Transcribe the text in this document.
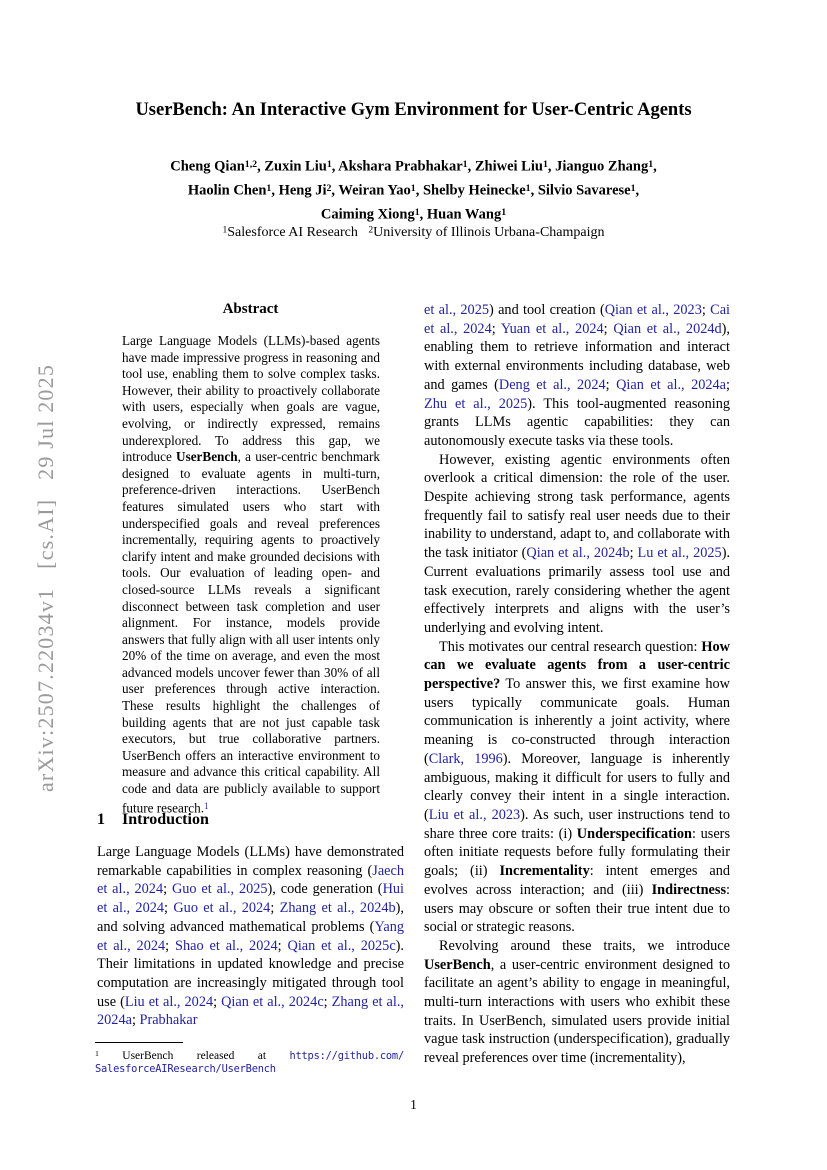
arXiv:2507.22034v1  [cs.AI]  29 Jul 2025
UserBench: An Interactive Gym Environment for User-Centric Agents
Cheng Qian$^{1,2}$, Zuxin Liu$^1$, Akshara Prabhakar$^1$, Zhiwei Liu$^1$, Jianguo Zhang$^1$,
Haolin Chen$^1$, Heng Ji$^2$, Weiran Yao$^1$, Shelby Heinecke$^1$, Silvio Savarese$^1$,
Caiming Xiong$^1$, Huan Wang$^1$
$^1$Salesforce AI Research   $^2$University of Illinois Urbana-Champaign
Abstract
Large Language Models (LLMs)-based agents have made impressive progress in reasoning and tool use, enabling them to solve complex tasks. However, their ability to proactively collaborate with users, especially when goals are vague, evolving, or indirectly expressed, remains underexplored. To address this gap, we introduce UserBench, a user-centric benchmark designed to evaluate agents in multi-turn, preference-driven interactions. UserBench features simulated users who start with underspecified goals and reveal preferences incrementally, requiring agents to proactively clarify intent and make grounded decisions with tools. Our evaluation of leading open- and closed-source LLMs reveals a significant disconnect between task completion and user alignment. For instance, models provide answers that fully align with all user intents only 20% of the time on average, and even the most advanced models uncover fewer than 30% of all user preferences through active interaction. These results highlight the challenges of building agents that are not just capable task executors, but true collaborative partners. UserBench offers an interactive environment to measure and advance this critical capability. All code and data are publicly available to support future research.$^1$
1 Introduction
Large Language Models (LLMs) have demonstrated remarkable capabilities in complex reasoning (Jaech et al., 2024; Guo et al., 2025), code generation (Hui et al., 2024; Guo et al., 2024; Zhang et al., 2024b), and solving advanced mathematical problems (Yang et al., 2024; Shao et al., 2024; Qian et al., 2025c). Their limitations in updated knowledge and precise computation are increasingly mitigated through tool use (Liu et al., 2024; Qian et al., 2024c; Zhang et al., 2024a; Prabhakar

et al., 2025) and tool creation (Qian et al., 2023; Cai et al., 2024; Yuan et al., 2024; Qian et al., 2024d), enabling them to retrieve information and interact with external environments including database, web and games (Deng et al., 2024; Qian et al., 2024a; Zhu et al., 2025). This tool-augmented reasoning grants LLMs agentic capabilities: they can autonomously execute tasks via these tools.

However, existing agentic environments often overlook a critical dimension: the role of the user. Despite achieving strong task performance, agents frequently fail to satisfy real user needs due to their inability to understand, adapt to, and collaborate with the task initiator (Qian et al., 2024b; Lu et al., 2025). Current evaluations primarily assess tool use and task execution, rarely considering whether the agent effectively interprets and aligns with the user’s underlying and evolving intent.

This motivates our central research question: How can we evaluate agents from a user-centric perspective? To answer this, we first examine how users typically communicate goals. Human communication is inherently a joint activity, where meaning is co-constructed through interaction (Clark, 1996). Moreover, language is inherently ambiguous, making it difficult for users to fully and clearly convey their intent in a single interaction. (Liu et al., 2023). As such, user instructions tend to share three core traits: (i) Underspecification: users often initiate requests before fully formulating their goals; (ii) Incrementality: intent emerges and evolves across interaction; and (iii) Indirectness: users may obscure or soften their true intent due to social or strategic reasons.

Revolving around these traits, we introduce UserBench, a user-centric environment designed to facilitate an agent’s ability to engage in meaningful, multi-turn interactions with users who exhibit these traits. In UserBench, simulated users provide initial vague task instruction (underspecification), gradually reveal preferences over time (incrementality),

$^1$ UserBench released at https://github.com/​SalesforceAIResearch/UserBench
1
